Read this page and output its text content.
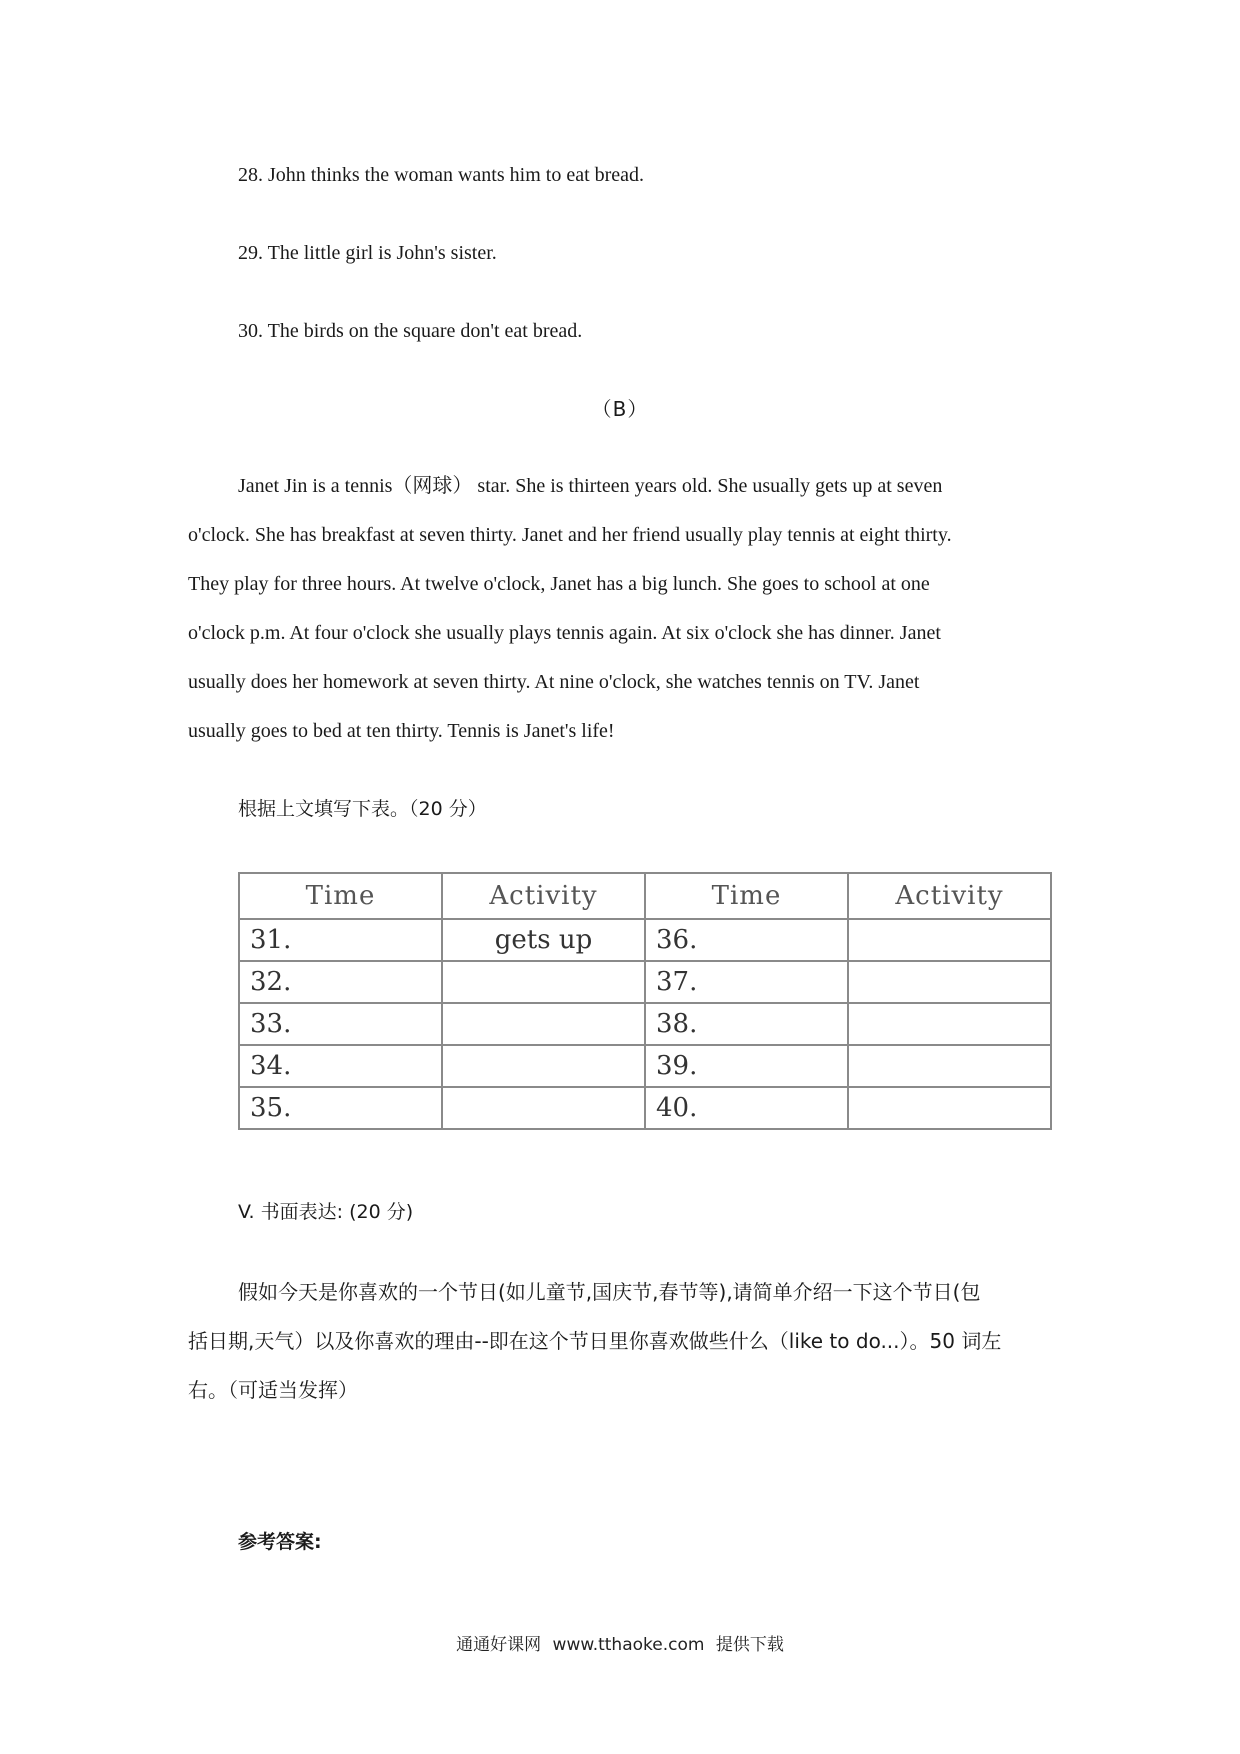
28. John thinks the woman wants him to eat bread.
29. The little girl is John's sister.
30. The birds on the square don't eat bread.
（B）
Janet Jin is a tennis（网球） star. She is thirteen years old. She usually gets up at seven
o'clock. She has breakfast at seven thirty. Janet and her friend usually play tennis at eight thirty.
They play for three hours. At twelve o'clock, Janet has a big lunch. She goes to school at one
o'clock p.m. At four o'clock she usually plays tennis again. At six o'clock she has dinner. Janet
usually does her homework at seven thirty. At nine o'clock, she watches tennis on TV. Janet
usually goes to bed at ten thirty. Tennis is Janet's life!
根据上文填写下表。（20 分）
Time	Activity	Time	Activity
31.	gets up	36.	
32.		37.	
33.		38.	
34.		39.	
35.		40.	
V. 书面表达: (20 分)
假如今天是你喜欢的一个节日(如儿童节,国庆节,春节等),请简单介绍一下这个节日(包
括日期,天气）以及你喜欢的理由--即在这个节日里你喜欢做些什么（like to do...）。50 词左
右。（可适当发挥）
参考答案:
通通好课网 www.tthaoke.com 提供下载
